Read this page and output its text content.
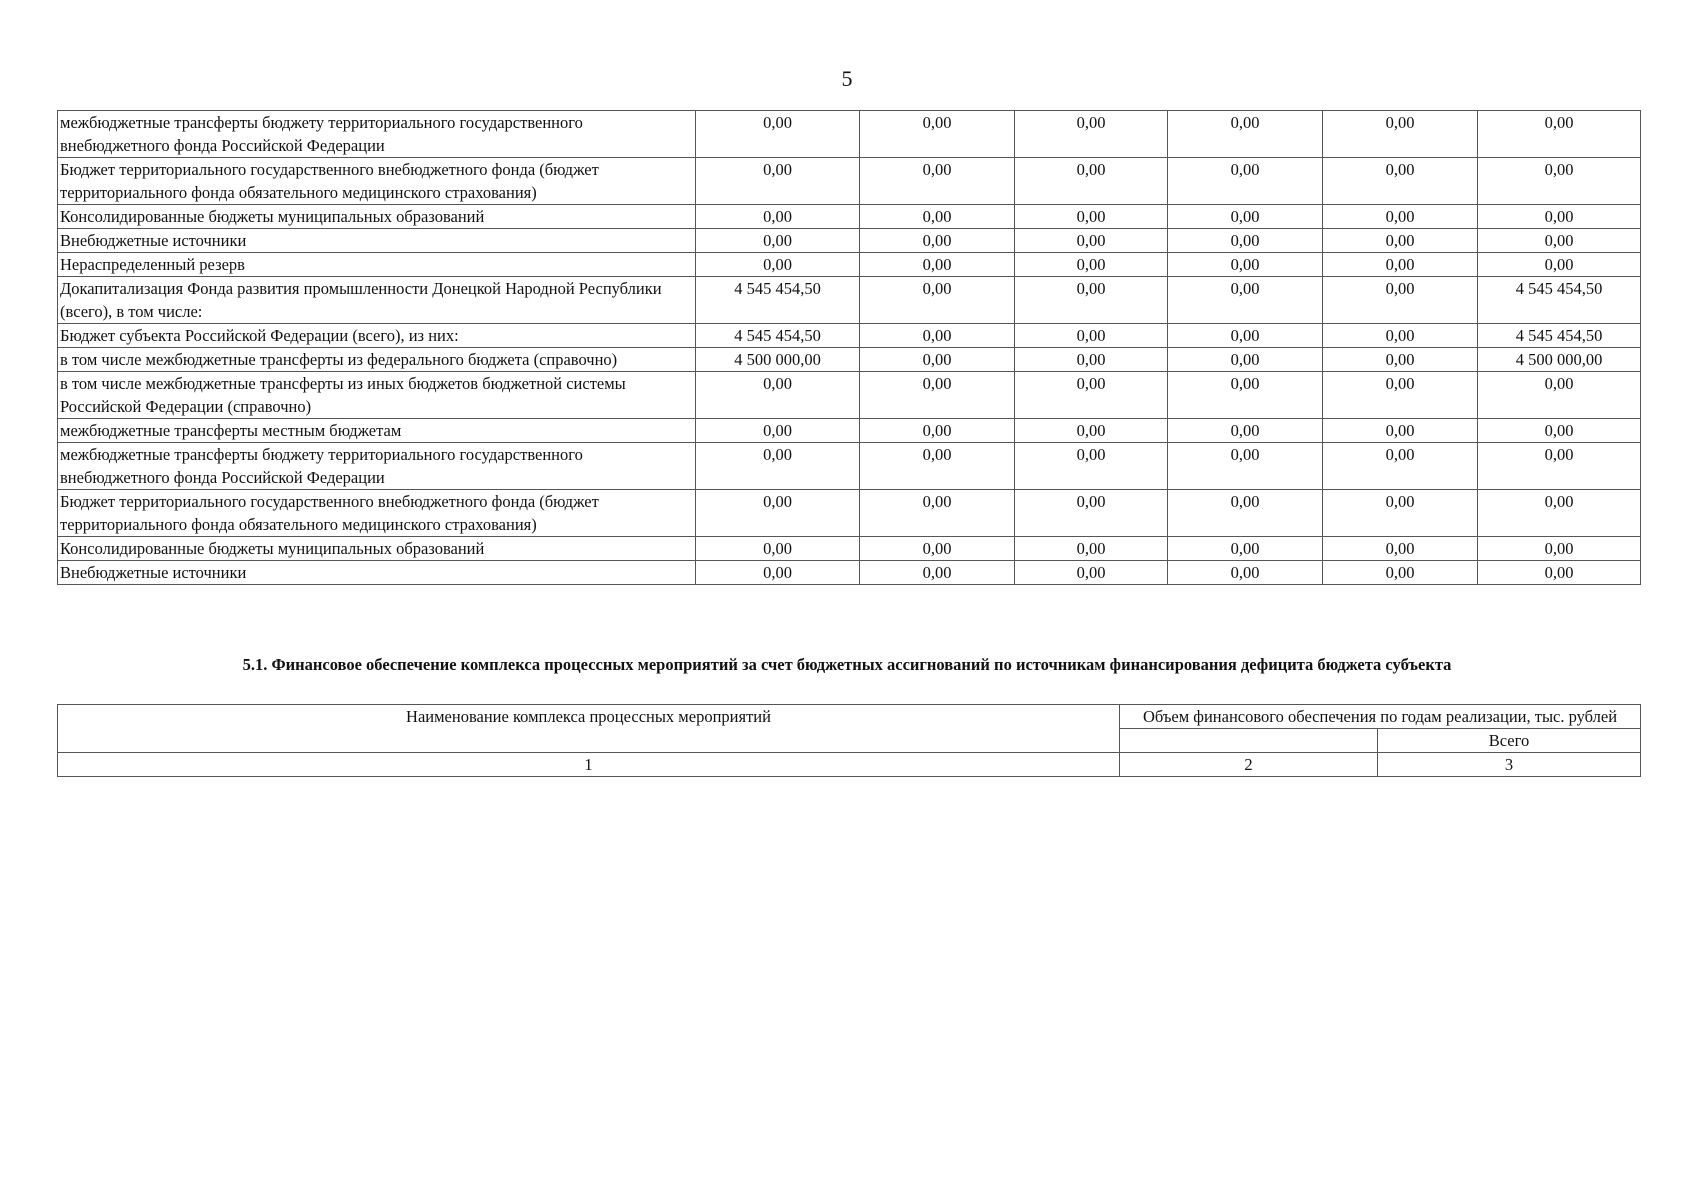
5
межбюджетные трансферты бюджету территориального государственного внебюджетного фонда Российской Федерации	0,00	0,00	0,00	0,00	0,00	0,00
Бюджет территориального государственного внебюджетного фонда (бюджет территориального фонда обязательного медицинского страхования)	0,00	0,00	0,00	0,00	0,00	0,00
Консолидированные бюджеты муниципальных образований	0,00	0,00	0,00	0,00	0,00	0,00
Внебюджетные источники	0,00	0,00	0,00	0,00	0,00	0,00
Нераспределенный резерв	0,00	0,00	0,00	0,00	0,00	0,00
Докапитализация Фонда развития промышленности Донецкой Народной Республики (всего), в том числе:	4 545 454,50	0,00	0,00	0,00	0,00	4 545 454,50
Бюджет субъекта Российской Федерации (всего), из них:	4 545 454,50	0,00	0,00	0,00	0,00	4 545 454,50
в том числе межбюджетные трансферты из федерального бюджета (справочно)	4 500 000,00	0,00	0,00	0,00	0,00	4 500 000,00
в том числе межбюджетные трансферты из иных бюджетов бюджетной системы Российской Федерации (справочно)	0,00	0,00	0,00	0,00	0,00	0,00
межбюджетные трансферты местным бюджетам	0,00	0,00	0,00	0,00	0,00	0,00
межбюджетные трансферты бюджету территориального государственного внебюджетного фонда Российской Федерации	0,00	0,00	0,00	0,00	0,00	0,00
Бюджет территориального государственного внебюджетного фонда (бюджет территориального фонда обязательного медицинского страхования)	0,00	0,00	0,00	0,00	0,00	0,00
Консолидированные бюджеты муниципальных образований	0,00	0,00	0,00	0,00	0,00	0,00
Внебюджетные источники	0,00	0,00	0,00	0,00	0,00	0,00
5.1. Финансовое обеспечение комплекса процессных мероприятий за счет бюджетных ассигнований по источникам финансирования дефицита бюджета субъекта
Наименование комплекса процессных мероприятий	Объем финансового обеспечения по годам реализации, тыс. рублей	
		Всего
1	2	3
